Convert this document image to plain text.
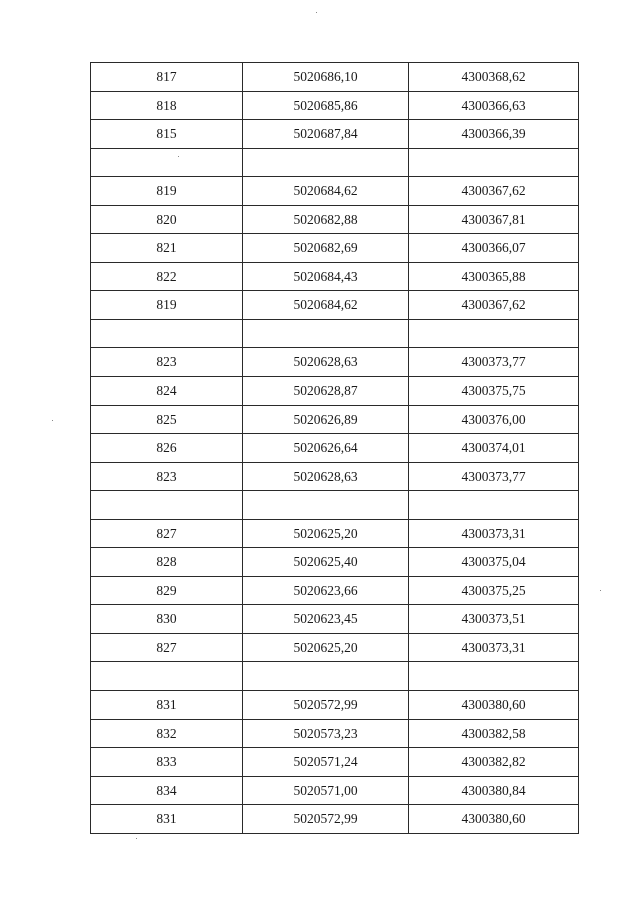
817	5020686,10	4300368,62
818	5020685,86	4300366,63
815	5020687,84	4300366,39

819	5020684,62	4300367,62
820	5020682,88	4300367,81
821	5020682,69	4300366,07
822	5020684,43	4300365,88
819	5020684,62	4300367,62

823	5020628,63	4300373,77
824	5020628,87	4300375,75
825	5020626,89	4300376,00
826	5020626,64	4300374,01
823	5020628,63	4300373,77

827	5020625,20	4300373,31
828	5020625,40	4300375,04
829	5020623,66	4300375,25
830	5020623,45	4300373,51
827	5020625,20	4300373,31

831	5020572,99	4300380,60
832	5020573,23	4300382,58
833	5020571,24	4300382,82
834	5020571,00	4300380,84
831	5020572,99	4300380,60
